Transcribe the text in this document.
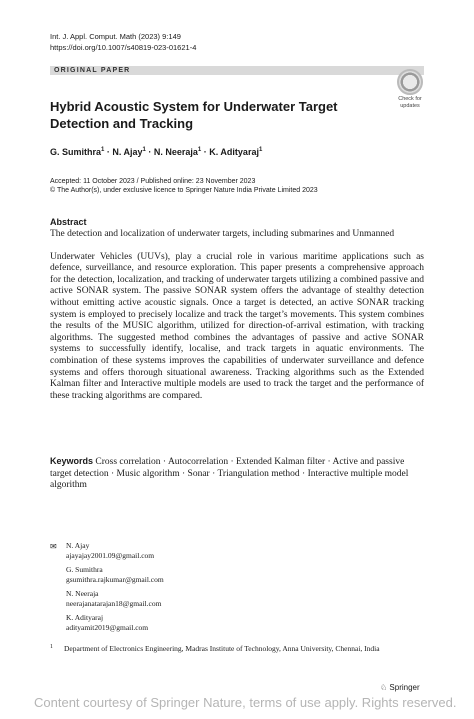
Int. J. Appl. Comput. Math (2023) 9:149
https://doi.org/10.1007/s40819-023-01621-4
ORIGINAL PAPER
Check for
updates
Hybrid Acoustic System for Underwater Target Detection and Tracking
G. Sumithra$^1$ · N. Ajay$^1$ · N. Neeraja$^1$ · K. Adityaraj$^1$
Accepted: 11 October 2023 / Published online: 23 November 2023
© The Author(s), under exclusive licence to Springer Nature India Private Limited 2023
Abstract

The detection and localization of underwater targets, including submarines and Unmanned

Underwater Vehicles (UUVs), play a crucial role in various maritime applications such as defence, surveillance, and resource exploration. This paper presents a comprehensive approach for the detection, localization, and tracking of underwater targets utilizing a combined passive and active SONAR system. The passive SONAR system offers the advantage of stealthy detection without emitting active acoustic signals. Once a target is detected, an active SONAR tracking system is employed to precisely localize and track the target’s movements. This system combines the results of the MUSIC algorithm, utilized for direction-of-arrival estimation, with tracking algorithms. The suggested method combines the advantages of passive and active SONAR systems to successfully identify, localise, and track targets in aquatic environments. The combination of these systems improves the capabilities of underwater surveillance and defence systems and offers thorough situational awareness. Tracking algorithms such as the Extended Kalman filter and Interactive multiple models are used to track the target and the performance of these tracking algorithms are compared.

Keywords Cross correlation · Autocorrelation · Extended Kalman filter · Active and passive target detection · Music algorithm · Sonar · Triangulation method · Interactive multiple model algorithm
✉ N. Ajay
ajayajay2001.09@gmail.com
G. Sumithra
gsumithra.rajkumar@gmail.com
N. Neeraja
neerajanatarajan18@gmail.com
K. Adityaraj
adityamit2019@gmail.com
1	Department of Electronics Engineering, Madras Institute of Technology, Anna University, Chennai, India
♘ Springer
Content courtesy of Springer Nature, terms of use apply. Rights reserved.
